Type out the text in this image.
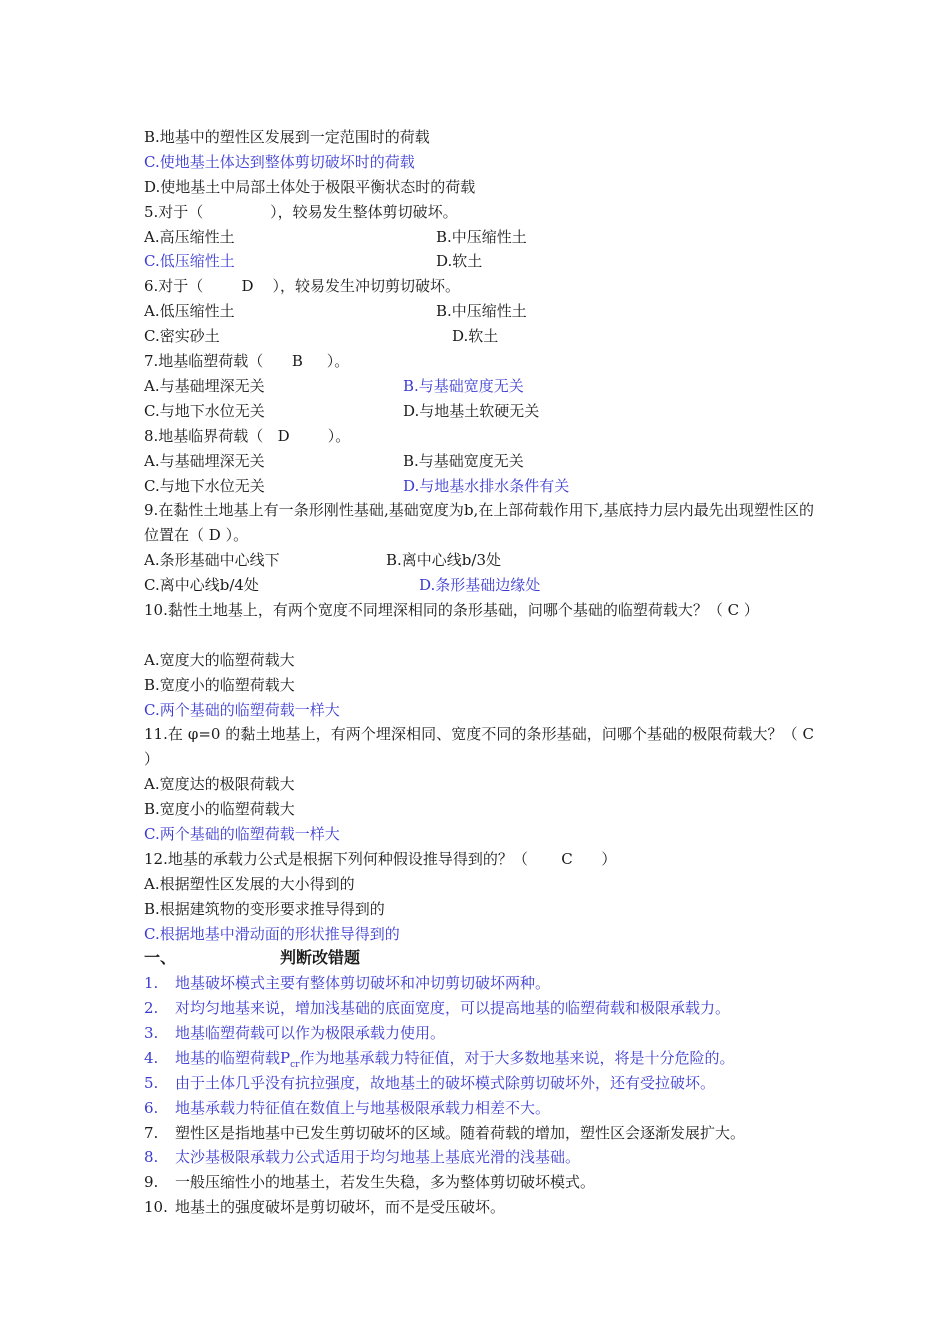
B.地基中的塑性区发展到一定范围时的荷载
C.使地基土体达到整体剪切破坏时的荷载
D.使地基土中局部土体处于极限平衡状态时的荷载
5.对于（              ），较易发生整体剪切破坏。
A.高压缩性土	B.中压缩性土
C.低压缩性土	D.软土
6.对于（        D    ），较易发生冲切剪切破坏。
A.低压缩性土	B.中压缩性土
C.密实砂土	D.软土
7.地基临塑荷载（      B     ）。
A.与基础埋深无关	B.与基础宽度无关
C.与地下水位无关	D.与地基土软硬无关
8.地基临界荷载（   D        ）。
A.与基础埋深无关	B.与基础宽度无关
C.与地下水位无关	D.与地基水排水条件有关
9.在黏性土地基上有一条形刚性基础,基础宽度为b,在上部荷载作用下,基底持力层内最先出现塑性区的位置在（ D ）。
A.条形基础中心线下	B.离中心线b/3处
C.离中心线b/4处	D.条形基础边缘处
10.黏性土地基上，有两个宽度不同埋深相同的条形基础，问哪个基础的临塑荷载大？（ C ）
A.宽度大的临塑荷载大
B.宽度小的临塑荷载大
C.两个基础的临塑荷载一样大
11.在 φ=0 的黏土地基上，有两个埋深相同、宽度不同的条形基础，问哪个基础的极限荷载大？（ C ）
A.宽度达的极限荷载大
B.宽度小的临塑荷载大
C.两个基础的临塑荷载一样大
12.地基的承载力公式是根据下列何种假设推导得到的？（       C      ）
A.根据塑性区发展的大小得到的
B.根据建筑物的变形要求推导得到的
C.根据地基中滑动面的形状推导得到的
一、	判断改错题
1. 地基破坏模式主要有整体剪切破坏和冲切剪切破坏两种。
2. 对均匀地基来说，增加浅基础的底面宽度，可以提高地基的临塑荷载和极限承载力。
3. 地基临塑荷载可以作为极限承载力使用。
4. 地基的临塑荷载$P_{cr}$作为地基承载力特征值，对于大多数地基来说，将是十分危险的。
5. 由于土体几乎没有抗拉强度，故地基土的破坏模式除剪切破坏外，还有受拉破坏。
6. 地基承载力特征值在数值上与地基极限承载力相差不大。
7. 塑性区是指地基中已发生剪切破坏的区域。随着荷载的增加，塑性区会逐渐发展扩大。
8. 太沙基极限承载力公式适用于均匀地基上基底光滑的浅基础。
9. 一般压缩性小的地基土，若发生失稳，多为整体剪切破坏模式。
10. 地基土的强度破坏是剪切破坏，而不是受压破坏。
